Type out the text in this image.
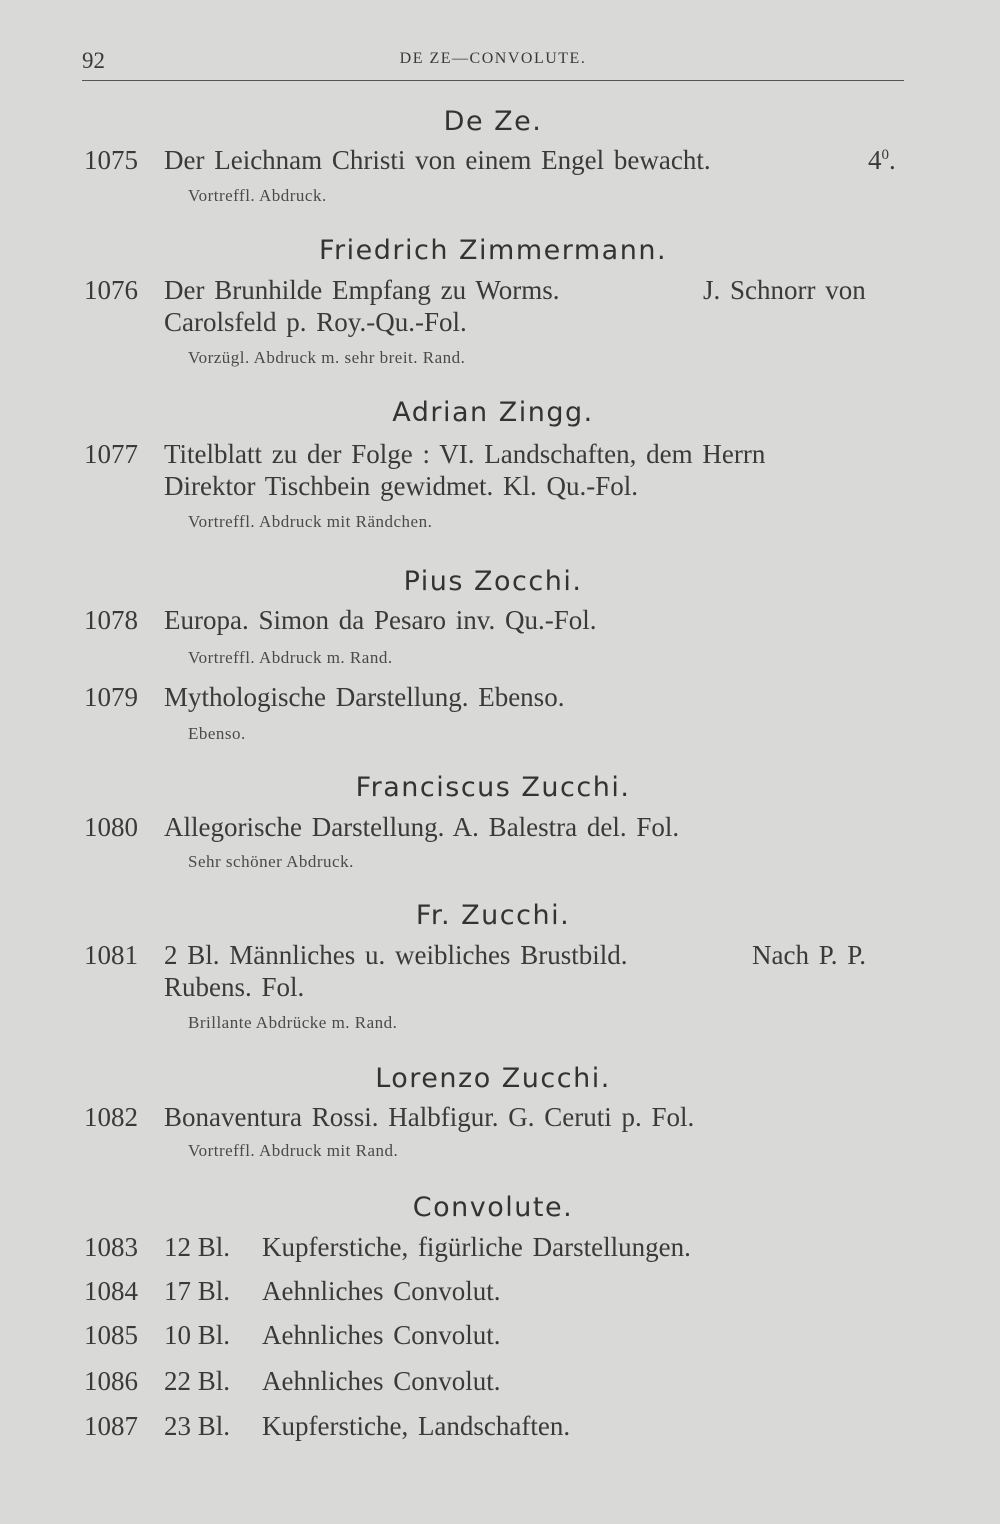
92	DE ZE—CONVOLUTE.
De Ze.
1075 Der Leichnam Christi von einem Engel bewacht.	$4^0$.
Vortreffl. Abdruck.
Friedrich Zimmermann.
1076 Der Brunhilde Empfang zu Worms.	J. Schnorr von
Carolsfeld p. Roy.-Qu.-Fol.
Vorzügl. Abdruck m. sehr breit. Rand.
Adrian Zingg.
1077 Titelblatt zu der Folge : VI. Landschaften, dem Herrn
Direktor Tischbein gewidmet. Kl. Qu.-Fol.
Vortreffl. Abdruck mit Rändchen.
Pius Zocchi.
1078 Europa. Simon da Pesaro inv. Qu.-Fol.
Vortreffl. Abdruck m. Rand.
1079 Mythologische Darstellung. Ebenso.
Ebenso.
Franciscus Zucchi.
1080 Allegorische Darstellung. A. Balestra del. Fol.
Sehr schöner Abdruck.
Fr. Zucchi.
1081 2 Bl. Männliches u. weibliches Brustbild.	Nach P. P.
Rubens. Fol.
Brillante Abdrücke m. Rand.
Lorenzo Zucchi.
1082 Bonaventura Rossi. Halbfigur. G. Ceruti p. Fol.
Vortreffl. Abdruck mit Rand.
Convolute.
1083 12 Bl. Kupferstiche, figürliche Darstellungen.
1084 17 Bl. Aehnliches Convolut.
1085 10 Bl. Aehnliches Convolut.
1086 22 Bl. Aehnliches Convolut.
1087 23 Bl. Kupferstiche, Landschaften.
